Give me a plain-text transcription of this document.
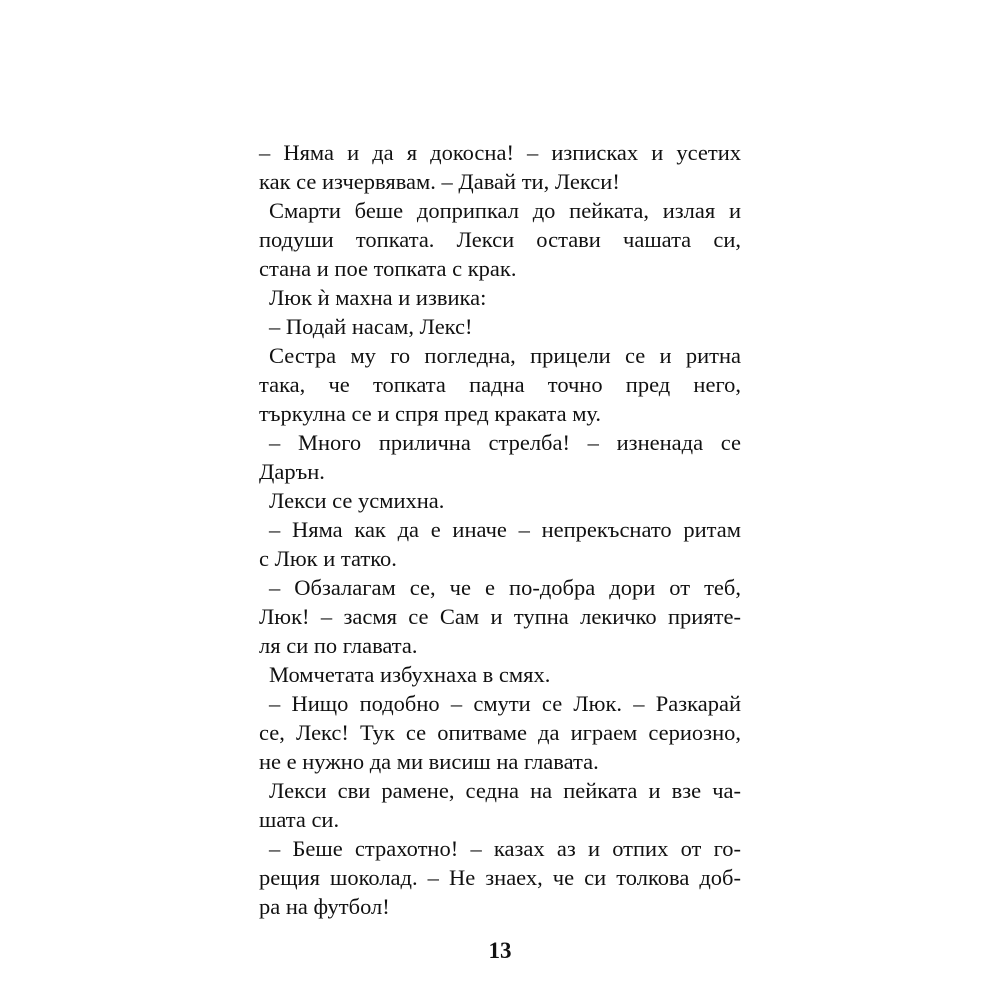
– Няма и да я докосна! – изписках и усетих
как се изчервявам. – Давай ти, Лекси!
Смарти беше доприпкал до пейката, излая и
подуши топката. Лекси остави чашата си,
стана и пое топката с крак.
Люк ѝ махна и извика:
– Подай насам, Лекс!
Сестра му го погледна, прицели се и ритна
така, че топката падна точно пред него,
търкулна се и спря пред краката му.
– Много прилична стрелба! – изненада се
Дарън.
Лекси се усмихна.
– Няма как да е иначе – непрекъснато ритам
с Люк и татко.
– Обзалагам се, че е по-добра дори от теб,
Люк! – засмя се Сам и тупна лекичко прияте-
ля си по главата.
Момчетата избухнаха в смях.
– Нищо подобно – смути се Люк. – Разкарай
се, Лекс! Тук се опитваме да играем сериозно,
не е нужно да ми висиш на главата.
Лекси сви рамене, седна на пейката и взе ча-
шата си.
– Беше страхотно! – казах аз и отпих от го-
рещия шоколад. – Не знаех, че си толкова доб-
ра на футбол!
13
